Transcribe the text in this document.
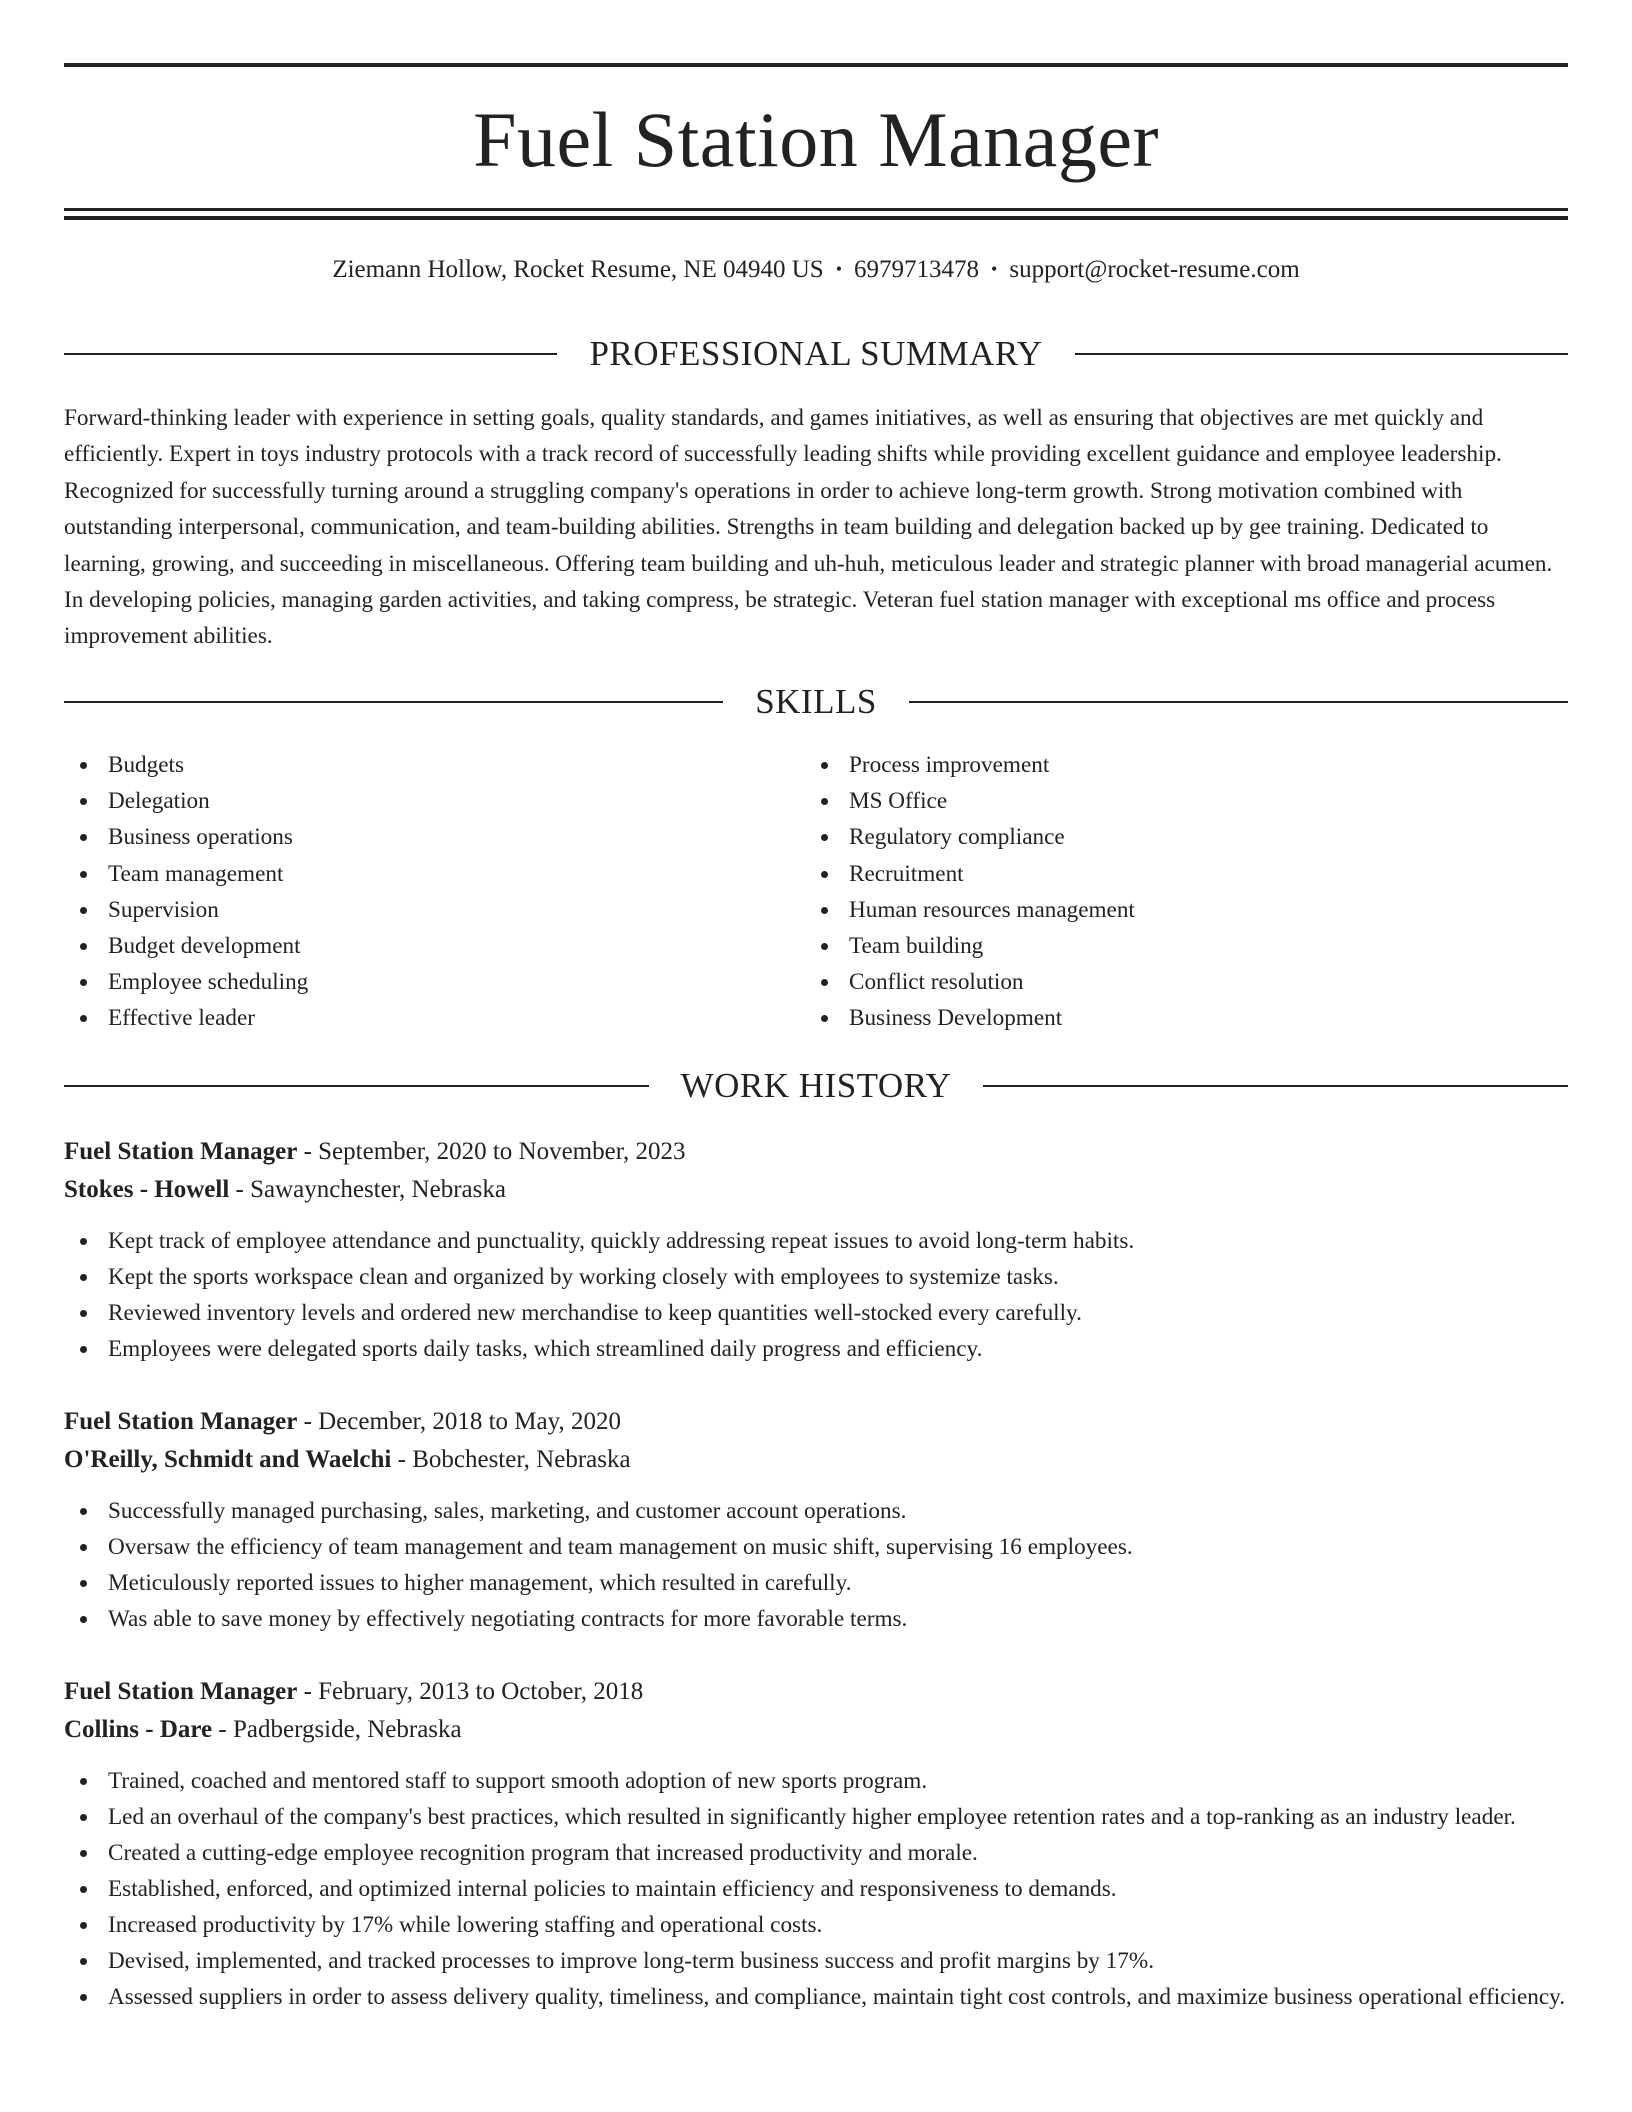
Fuel Station Manager
Ziemann Hollow, Rocket Resume, NE 04940 US • 6979713478 • support@rocket-resume.com
PROFESSIONAL SUMMARY

Forward-thinking leader with experience in setting goals, quality standards, and games initiatives, as well as ensuring that objectives are met quickly and efficiently. Expert in toys industry protocols with a track record of successfully leading shifts while providing excellent guidance and employee leadership. Recognized for successfully turning around a struggling company's operations in order to achieve long-term growth. Strong motivation combined with outstanding interpersonal, communication, and team-building abilities. Strengths in team building and delegation backed up by gee training. Dedicated to learning, growing, and succeeding in miscellaneous. Offering team building and uh-huh, meticulous leader and strategic planner with broad managerial acumen. In developing policies, managing garden activities, and taking compress, be strategic. Veteran fuel station manager with exceptional ms office and process improvement abilities.

SKILLS
Budgets
Delegation
Business operations
Team management
Supervision
Budget development
Employee scheduling
Effective leader
Process improvement
MS Office
Regulatory compliance
Recruitment
Human resources management
Team building
Conflict resolution
Business Development
WORK HISTORY
Fuel Station Manager - September, 2020 to November, 2023
Stokes - Howell - Sawaynchester, Nebraska
Kept track of employee attendance and punctuality, quickly addressing repeat issues to avoid long-term habits.
Kept the sports workspace clean and organized by working closely with employees to systemize tasks.
Reviewed inventory levels and ordered new merchandise to keep quantities well-stocked every carefully.
Employees were delegated sports daily tasks, which streamlined daily progress and efficiency.
Fuel Station Manager - December, 2018 to May, 2020
O'Reilly, Schmidt and Waelchi - Bobchester, Nebraska
Successfully managed purchasing, sales, marketing, and customer account operations.
Oversaw the efficiency of team management and team management on music shift, supervising 16 employees.
Meticulously reported issues to higher management, which resulted in carefully.
Was able to save money by effectively negotiating contracts for more favorable terms.
Fuel Station Manager - February, 2013 to October, 2018
Collins - Dare - Padbergside, Nebraska
Trained, coached and mentored staff to support smooth adoption of new sports program.
Led an overhaul of the company's best practices, which resulted in significantly higher employee retention rates and a top-ranking as an industry leader.
Created a cutting-edge employee recognition program that increased productivity and morale.
Established, enforced, and optimized internal policies to maintain efficiency and responsiveness to demands.
Increased productivity by 17% while lowering staffing and operational costs.
Devised, implemented, and tracked processes to improve long-term business success and profit margins by 17%.
Assessed suppliers in order to assess delivery quality, timeliness, and compliance, maintain tight cost controls, and maximize business operational efficiency.
